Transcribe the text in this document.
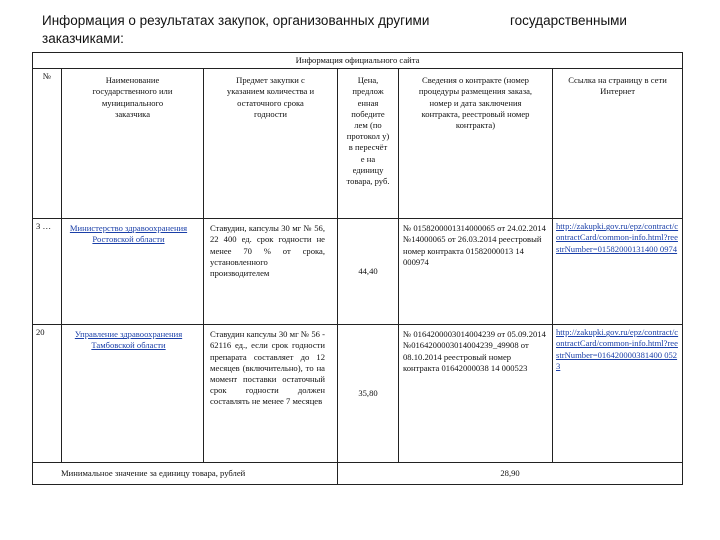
Информация о результатах закупок, организованных другими	государственными

заказчиками:
Информация официального сайта					
№	Наименование государственного или муниципального заказчика	Предмет закупки с указанием количества и остаточного срока годности	Цена, предлож енная победите лем (по протокол у) в пересчёт е на единицу товара, руб.	Сведения о контракте (номер процедуры размещения заказа, номер и дата заключения контракта, реестровый номер контракта)	Ссылка на страницу в сети Интернет
3 …	Министерство здравоохранения Ростовской области	Ставудин, капсулы 30 мг № 56, 22 400 ед. срок годности не менее 70 % от срока, установленного производителем	44,40	№ 0158200001314000065 от 24.02.2014 №14000065 от 26.03.2014 реестровый номер контракта 01582000013 14 000974	http://zakupki.gov.ru/epz/contract/contractCard/common-info.html?reestrNumber=01582000131400 0974
20	Управление здравоохранения Тамбовской области	Ставудин капсулы 30 мг № 56 - 62116 ед., если срок годности препарата составляет до 12 месяцев (включительно), то на момент поставки остаточный срок годности должен составлять не менее 7 месяцев	35,80	№ 0164200003014004239 от 05.09.2014 №0164200003014004239_49908 от 08.10.2014 реестровый номер контракта 01642000038 14 000523	http://zakupki.gov.ru/epz/contract/contractCard/common-info.html?reestrNumber=016420000381400 0523
Минимальное значение за единицу товара, рублей			28,90		
